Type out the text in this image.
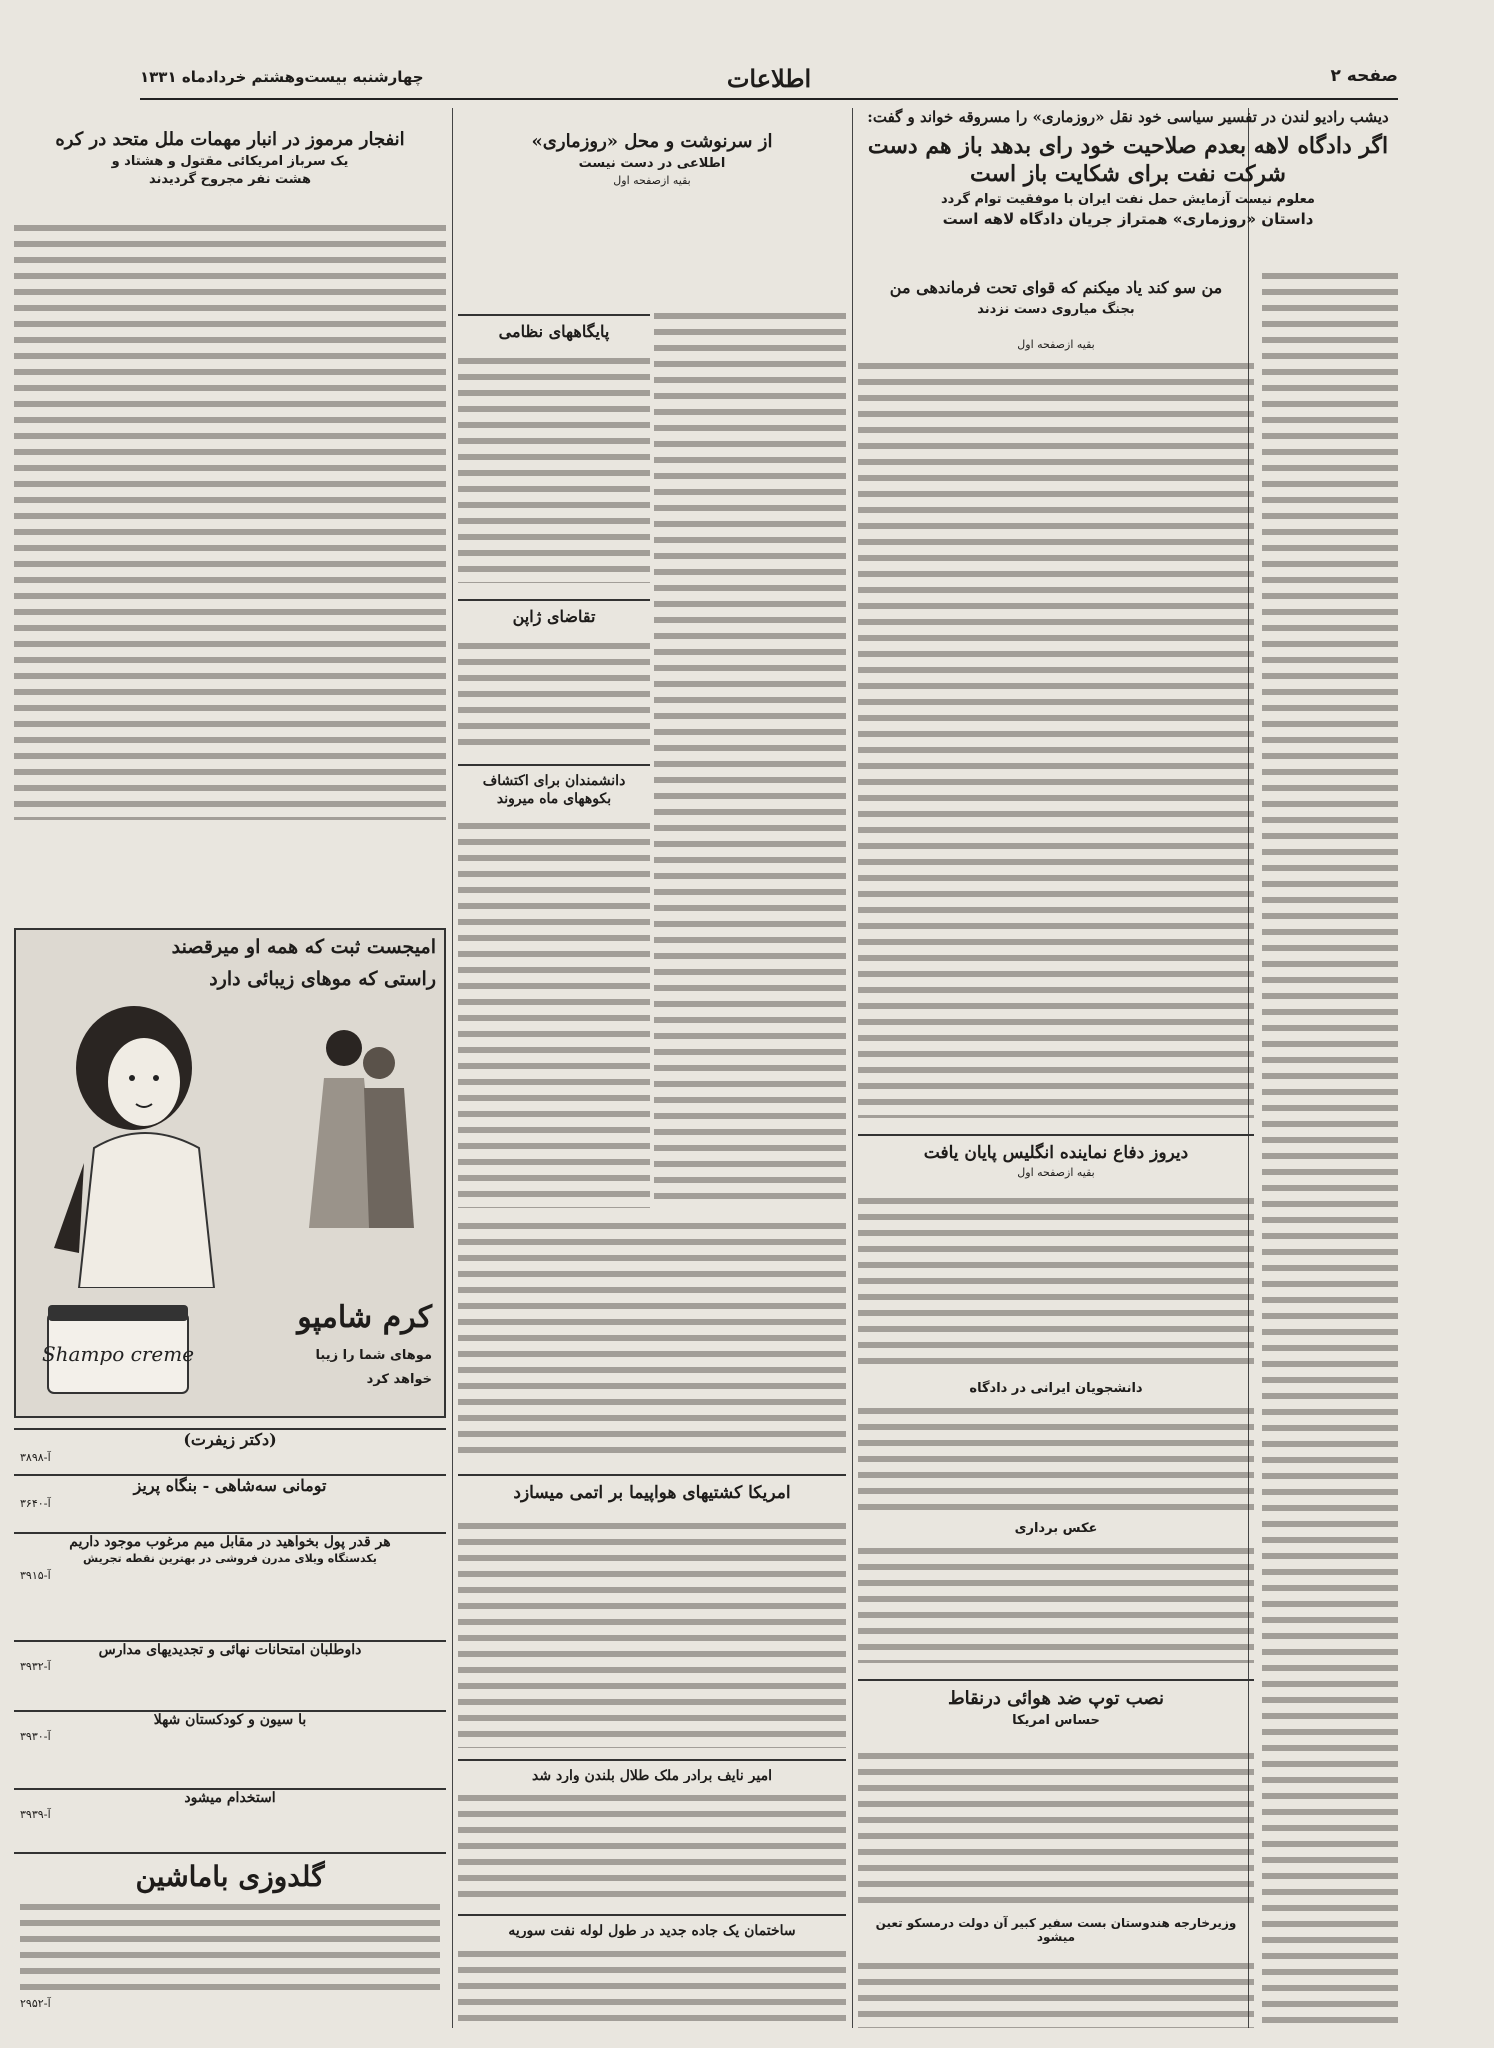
صفحه ۲
اطلاعات
چهارشنبه بیست‌وهشتم خردادماه ۱۳۳۱

دیشب رادیو لندن در تفسیر سیاسی خود نقل «روزماری» را مسروقه خواند و گفت:

اگر دادگاه لاهه بعدم صلاحیت خود رای بدهد باز هم دست شرکت نفت برای شکایت باز است

معلوم نیست آزمایش حمل نفت ایران با موفقیت توام گردد

داستان «روزماری» همتراز جریان دادگاه لاهه است

من سو کند یاد میکنم که قوای تحت فرماندهی من

بجنگ میاروی دست نزدند

بقیه ازصفحه اول

دیروز دفاع نماینده انگلیس پایان یافت

بقیه ازصفحه اول

دانشجویان ایرانی در دادگاه

عکس برداری

نصب توپ ضد هوائی درنقاط

حساس امریکا

وزیرخارجه هندوستان بست سفیر کبیر آن دولت درمسکو تعین میشود

از سرنوشت و محل «روزماری»

اطلاعی در دست نیست

بقیه ازصفحه اول

پایگاههای نظامی

تقاضای ژاپن

دانشمندان برای اکتشاف بکوههای ماه میروند

امریکا کشتیهای هواپیما بر اتمی میسازد

امیر نایف برادر ملک طلال بلندن وارد شد

ساختمان یک جاده جدید در طول لوله نفت سوریه

انفجار مرموز در انبار مهمات ملل متحد در کره

یک سرباز امریکائی مقتول و هشتاد و

هشت نفر مجروح گردیدند

امیجست ثبت که همه او میرقصند
راستی که موهای زیبائی دارد
Shampo creme
کرم شامپو
موهای شما را زیبا
خواهد کرد

(دکتر زیفرت)

آ-۳۸۹۸

تومانی سه‌شاهی - بنگاه پریز

آ-۳۶۴۰

هر قدر پول بخواهید در مقابل میم مرغوب موجود داریم

یکدستگاه ویلای مدرن فروشی در بهترین نقطه تجریش

آ-۳۹۱۵

داوطلبان امتحانات نهائی و تجدیدیهای مدارس

آ-۳۹۳۲

با سیون و کودکستان شهلا

آ-۳۹۳۰

استخدام میشود

آ-۳۹۳۹

گلدوزی باماشین

آ-۲۹۵۲
